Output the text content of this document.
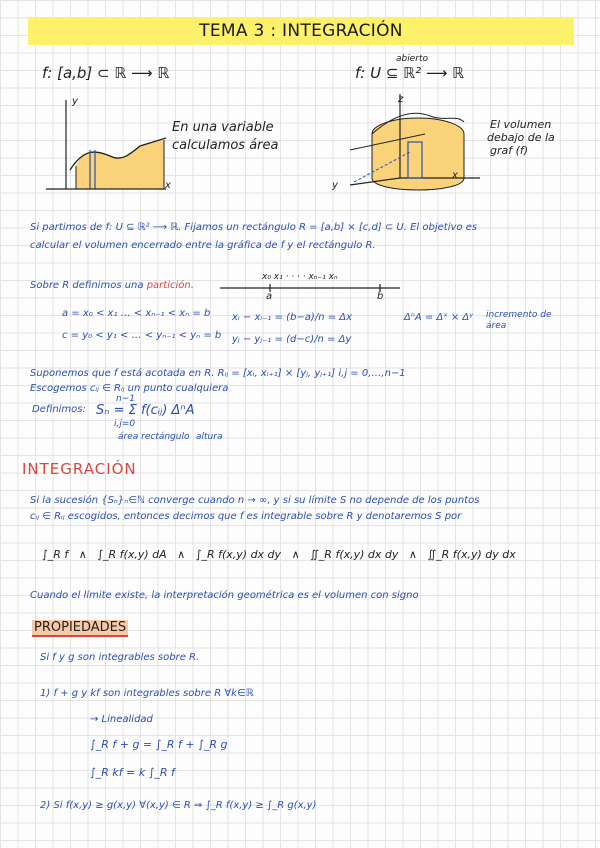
TEMA 3 : INTEGRACIÓN
f: [a,b] ⊂ ℝ ⟶ ℝ	f: U ⊆ ℝ² ⟶ ℝ
abierto
y
x
En una variable
calculamos área
z
y
x
El volumen
debajo de la
graf (f)
Si partimos de f: U ⊆ ℝ² ⟶ ℝ. Fijamos un rectángulo R = [a,b] × [c,d] ⊂ U. El objetivo es
calcular el volumen encerrado entre la gráfica de f y el rectángulo R.
Sobre R definimos una partición.
x₀ x₁ · · · · xₙ₋₁ xₙ
a	b
a = x₀ < x₁ … < xₙ₋₁ < xₙ = b
c = y₀ < y₁ < … < yₙ₋₁ < yₙ = b
xᵢ − xᵢ₋₁ = (b−a)/n = Δx
yⱼ − yⱼ₋₁ = (d−c)/n = Δy
ΔⁿA = Δˣ × Δʸ incremento de
área
Suponemos que f está acotada en R. Rᵢⱼ = [xᵢ, xᵢ₊₁] × [yⱼ, yⱼ₊₁] i,j = 0,…,n−1
Escogemos cᵢⱼ ∈ Rᵢⱼ un punto cualquiera
Definimos:
n−1
Sₙ = Σ f(cᵢⱼ) ΔⁿA
i,j=0
área rectángulo altura
INTEGRACIÓN
Si la sucesión {Sₙ}ₙ∈ℕ converge cuando n → ∞, y si su límite S no depende de los puntos
cᵢⱼ ∈ Rᵢⱼ escogidos, entonces decimos que f es integrable sobre R y denotaremos S por
∫_R f ∧ ∫_R f(x,y) dA ∧ ∫_R f(x,y) dx dy ∧ ∬_R f(x,y) dx dy ∧ ∬_R f(x,y) dy dx
Cuando el límite existe, la interpretación geométrica es el volumen con signo
PROPIEDADES
Si f y g son integrables sobre R.
1) f + g y kf son integrables sobre R ∀k∈ℝ
→ Linealidad
∫_R f + g = ∫_R f + ∫_R g
∫_R kf = k ∫_R f
2) Si f(x,y) ≥ g(x,y) ∀(x,y) ∈ R ⇒ ∫_R f(x,y) ≥ ∫_R g(x,y)
